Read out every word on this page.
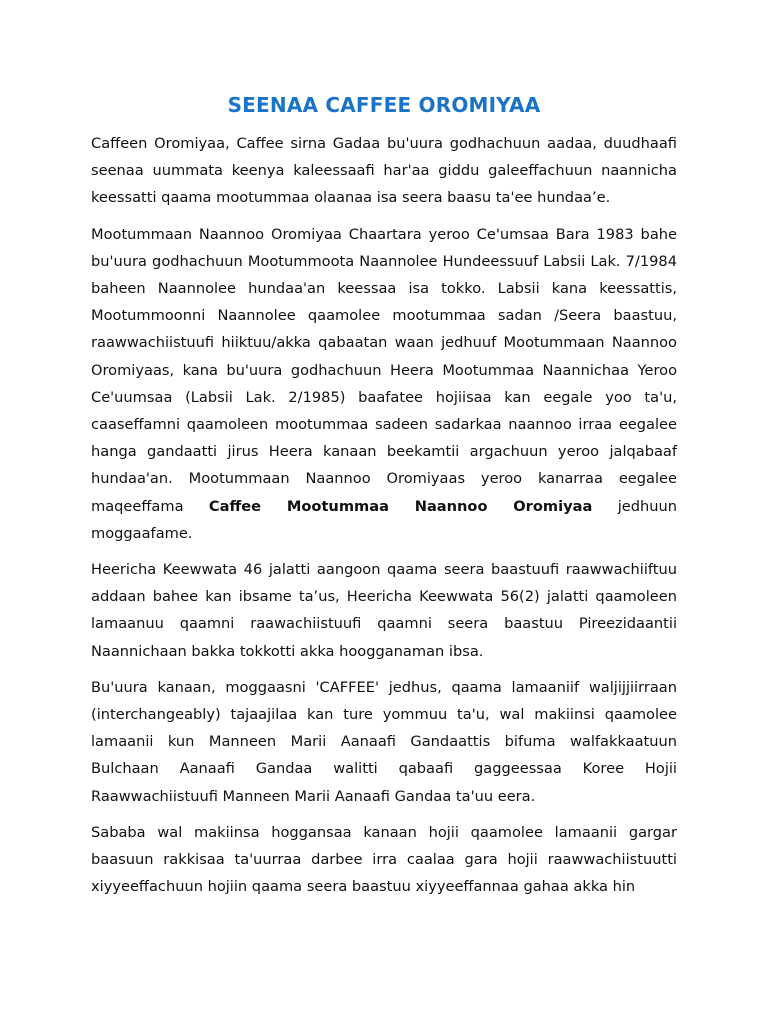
SEENAA CAFFEE OROMIYAA

Caffeen Oromiyaa, Caffee sirna Gadaa bu'uura godhachuun aadaa, duudhaafi seenaa uummata keenya kaleessaafi har'aa giddu galeeffachuun naannicha keessatti qaama mootummaa olaanaa isa seera baasu ta'ee hundaa’e.

Mootummaan Naannoo Oromiyaa Chaartara yeroo Ce'umsaa Bara 1983 bahe bu'uura godhachuun Mootummoota Naannolee Hundeessuuf Labsii Lak. 7/1984 baheen Naannolee hundaa'an keessaa isa tokko. Labsii kana keessattis, Mootummoonni Naannolee qaamolee mootummaa sadan /Seera baastuu, raawwachiistuufi hiiktuu/akka qabaatan waan jedhuuf Mootummaan Naannoo Oromiyaas, kana bu'uura godhachuun Heera Mootummaa Naannichaa Yeroo Ce'uumsaa (Labsii Lak. 2/1985) baafatee hojiisaa kan eegale yoo ta'u, caaseffamni qaamoleen mootummaa sadeen sadarkaa naannoo irraa eegalee hanga gandaatti jirus Heera kanaan beekamtii argachuun yeroo jalqabaaf hundaa'an. Mootummaan Naannoo Oromiyaas yeroo kanarraa eegalee maqeeffama Caffee Mootummaa Naannoo Oromiyaa jedhuun moggaafame.

Heericha Keewwata 46 jalatti aangoon qaama seera baastuufi raawwachiiftuu addaan bahee kan ibsame ta’us, Heericha Keewwata 56(2) jalatti qaamoleen lamaanuu qaamni raawachiistuufi qaamni seera baastuu Pireezidaantii Naannichaan bakka tokkotti akka hoogganaman ibsa.

Bu'uura kanaan, moggaasni 'CAFFEE' jedhus, qaama lamaaniif waljijjiirraan (interchangeably) tajaajilaa kan ture yommuu ta'u, wal makiinsi qaamolee lamaanii kun Manneen Marii Aanaafi Gandaattis bifuma walfakkaatuun Bulchaan Aanaafi Gandaa walitti qabaafi gaggeessaa Koree Hojii Raawwachiistuufi Manneen Marii Aanaafi Gandaa ta'uu eera.

Sababa wal makiinsa hoggansaa kanaan hojii qaamolee lamaanii gargar baasuun rakkisaa ta'uurraa darbee irra caalaa gara hojii raawwachiistuutti xiyyeeffachuun hojiin qaama seera baastuu xiyyeeffannaa gahaa akka hin
